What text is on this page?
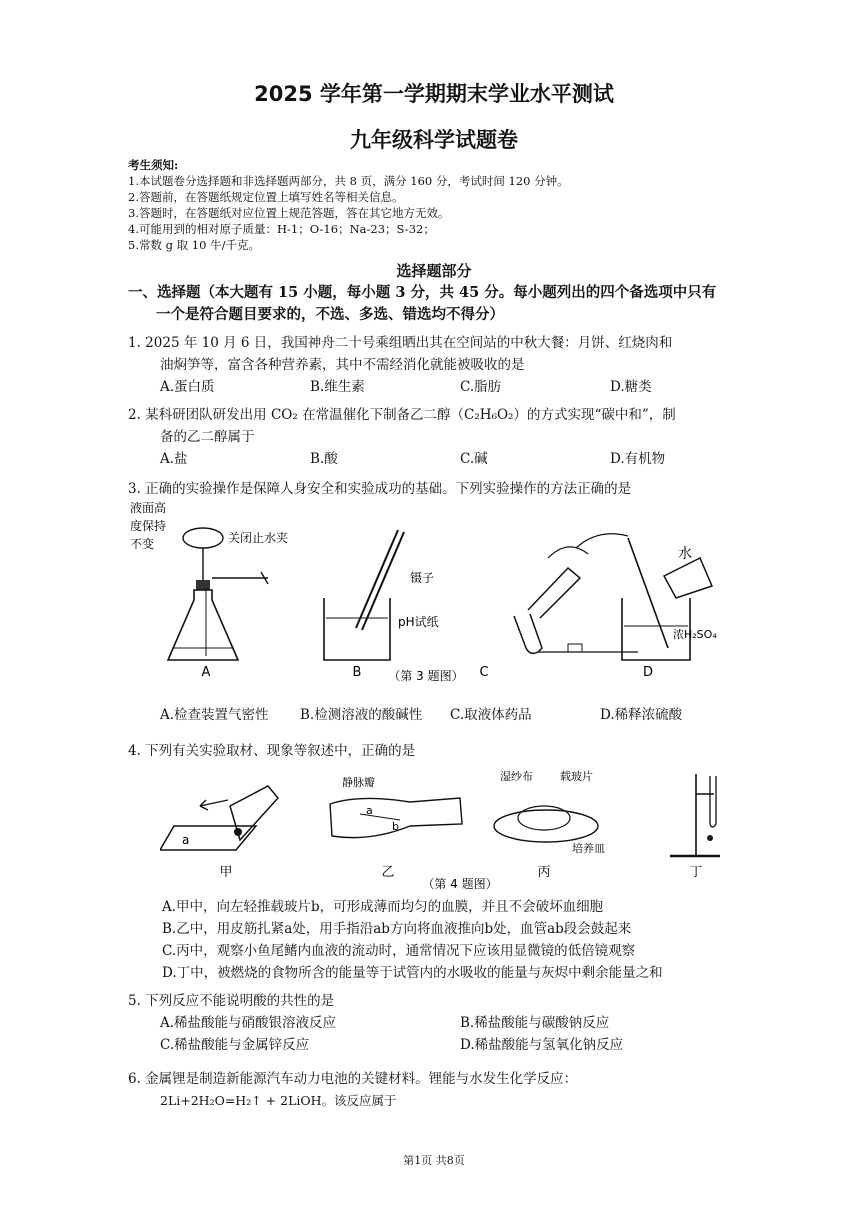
2025 学年第一学期期末学业水平测试
九年级科学试题卷
考生须知:
1.本试题卷分选择题和非选择题两部分，共 8 页，满分 160 分，考试时间 120 分钟。
2.答题前，在答题纸规定位置上填写姓名等相关信息。
3.答题时，在答题纸对应位置上规范答题，答在其它地方无效。
4.可能用到的相对原子质量：H-1；O-16；Na-23；S-32；
5.常数 g 取 10 牛/千克。
选择题部分
一、选择题（本大题有 15 小题，每小题 3 分，共 45 分。每小题列出的四个备选项中只有
一个是符合题目要求的，不选、多选、错选均不得分）
1. 2025 年 10 月 6 日，我国神舟二十号乘组晒出其在空间站的中秋大餐：月饼、红烧肉和
油焖笋等，富含各种营养素，其中不需经消化就能被吸收的是
A.蛋白质	B.维生素	C.脂肪	D.糖类
2. 某科研团队研发出用 CO₂ 在常温催化下制备乙二醇（C₂H₆O₂）的方式实现“碳中和”，制
备的乙二醇属于
A.盐	B.酸	C.碱	D.有机物
3. 正确的实验操作是保障人身安全和实验成功的基础。下列实验操作的方法正确的是
液面高
度保持
不变	关闭止水夹
A
镊子
pH试纸
B	C
（第 3 题图）
水
浓H₂SO₄
D
A.检查装置气密性 B.检测溶液的酸碱性 C.取液体药品	D.稀释浓硫酸
4. 下列有关实验取材、现象等叙述中，正确的是
a
甲
静脉瓣
a
b
乙
湿纱布 载玻片
培养皿
丙	丁
（第 4 题图）
A.甲中，向左轻推载玻片b，可形成薄而均匀的血膜，并且不会破坏血细胞
B.乙中，用皮筋扎紧a处，用手指沿ab方向将血液推向b处，血管ab段会鼓起来
C.丙中，观察小鱼尾鳍内血液的流动时，通常情况下应该用显微镜的低倍镜观察
D.丁中，被燃烧的食物所含的能量等于试管内的水吸收的能量与灰烬中剩余能量之和
5. 下列反应不能说明酸的共性的是
A.稀盐酸能与硝酸银溶液反应	B.稀盐酸能与碳酸钠反应
C.稀盐酸能与金属锌反应	D.稀盐酸能与氢氧化钠反应
6. 金属锂是制造新能源汽车动力电池的关键材料。锂能与水发生化学反应：
2Li+2H₂O=H₂↑ + 2LiOH。该反应属于
第1页 共8页
